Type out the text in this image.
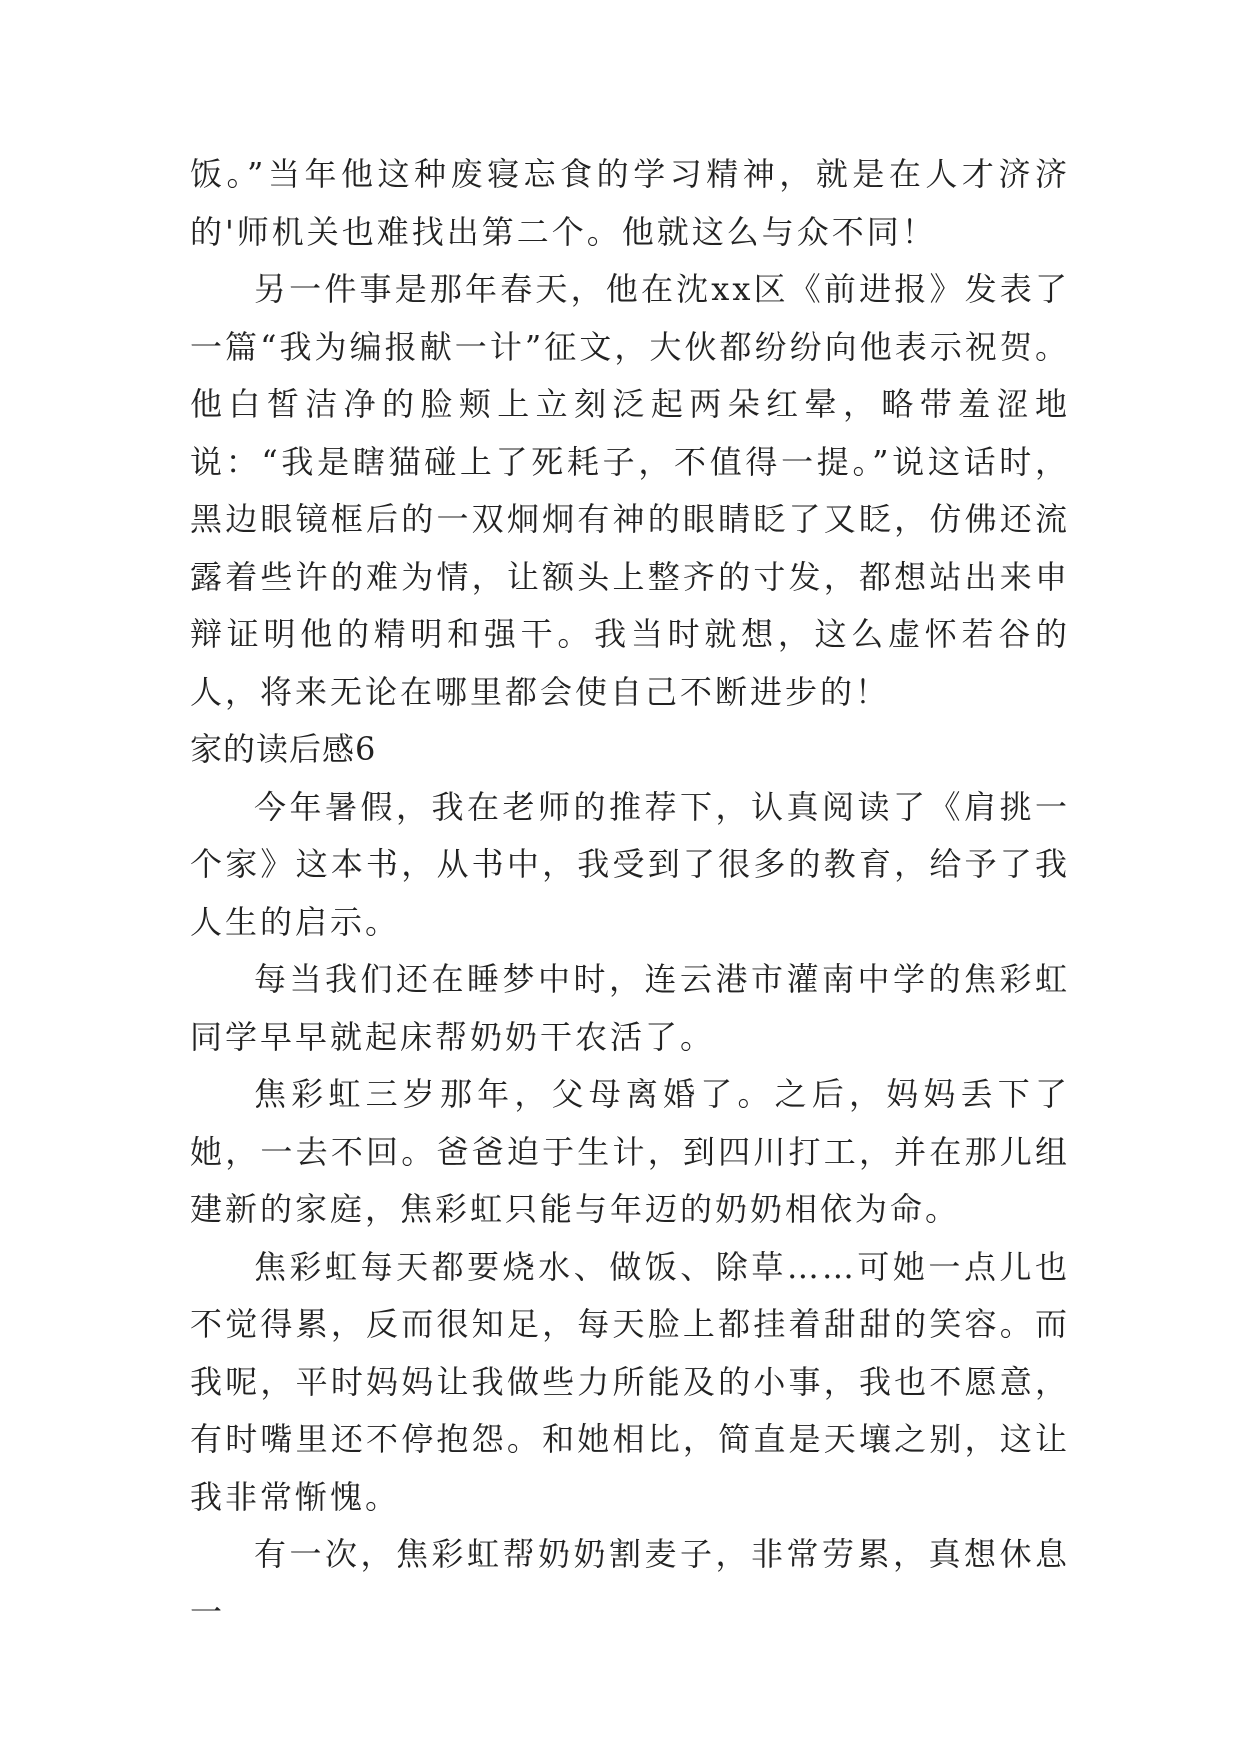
饭。”当年他这种废寝忘食的学习精神，就是在人才济济的'师机关也难找出第二个。他就这么与众不同！

另一件事是那年春天，他在沈xx区《前进报》发表了一篇“我为编报献一计”征文，大伙都纷纷向他表示祝贺。他白皙洁净的脸颊上立刻泛起两朵红晕，略带羞涩地说：“我是瞎猫碰上了死耗子，不值得一提。”说这话时，黑边眼镜框后的一双炯炯有神的眼睛眨了又眨，仿佛还流露着些许的难为情，让额头上整齐的寸发，都想站出来申辩证明他的精明和强干。我当时就想，这么虚怀若谷的人，将来无论在哪里都会使自己不断进步的！

家的读后感6

今年暑假，我在老师的推荐下，认真阅读了《肩挑一个家》这本书，从书中，我受到了很多的教育，给予了我人生的启示。

每当我们还在睡梦中时，连云港市灌南中学的焦彩虹同学早早就起床帮奶奶干农活了。

焦彩虹三岁那年，父母离婚了。之后，妈妈丢下了她，一去不回。爸爸迫于生计，到四川打工，并在那儿组建新的家庭，焦彩虹只能与年迈的奶奶相依为命。

焦彩虹每天都要烧水、做饭、除草……可她一点儿也不觉得累，反而很知足，每天脸上都挂着甜甜的笑容。而我呢，平时妈妈让我做些力所能及的小事，我也不愿意，有时嘴里还不停抱怨。和她相比，简直是天壤之别，这让我非常惭愧。

有一次，焦彩虹帮奶奶割麦子，非常劳累，真想休息一
